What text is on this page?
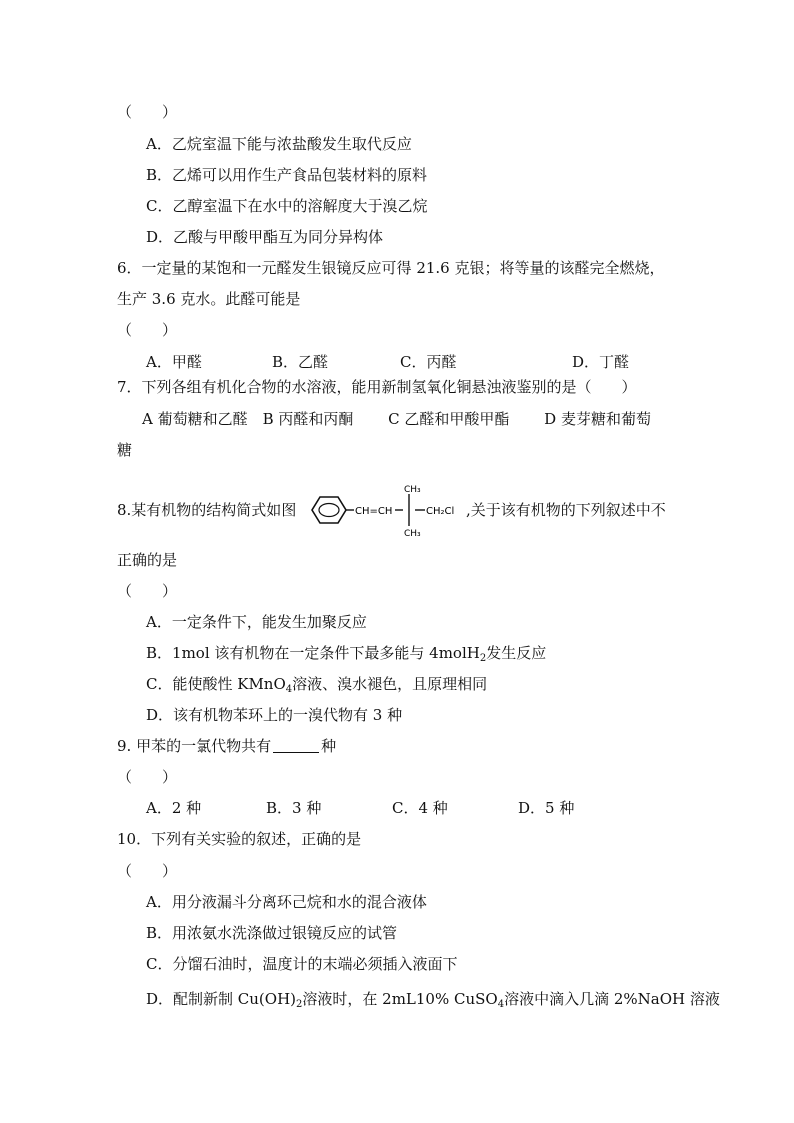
（　　）
A．乙烷室温下能与浓盐酸发生取代反应
B．乙烯可以用作生产食品包装材料的原料
C．乙醇室温下在水中的溶解度大于溴乙烷
D．乙酸与甲酸甲酯互为同分异构体
6．一定量的某饱和一元醛发生银镜反应可得 21.6 克银；将等量的该醛完全燃烧，
生产 3.6 克水。此醛可能是
（　　）
A．甲醛	B．乙醛	C．丙醛	D．丁醛
7．下列各组有机化合物的水溶液，能用新制氢氧化铜悬浊液鉴别的是（　　）
A 葡萄糖和乙醛　B 丙醛和丙酮　　 C 乙醛和甲酸甲酯　　 D 麦芽糖和葡萄
糖
8.某有机物的结构简式如图	CH=CH
CH₃
CH₃
CH₂Cl ,关于该有机物的下列叙述中不
正确的是
（　　）
A．一定条件下，能发生加聚反应
B．1mol 该有机物在一定条件下最多能与 4molH$_2$发生反应
C．能使酸性 KMnO$_4$溶液、溴水褪色，且原理相同
D．该有机物苯环上的一溴代物有 3 种
9. 甲苯的一氯代物共有	种
（　　）
A．2 种	B．3 种	C．4 种	D．5 种
10．下列有关实验的叙述，正确的是
（　　）
A．用分液漏斗分离环己烷和水的混合液体
B．用浓氨水洗涤做过银镜反应的试管
C．分馏石油时，温度计的末端必须插入液面下
D．配制新制 $Cu(OH)_2$溶液时，在 2mL10% CuSO$_4$溶液中滴入几滴 2%NaOH 溶液
